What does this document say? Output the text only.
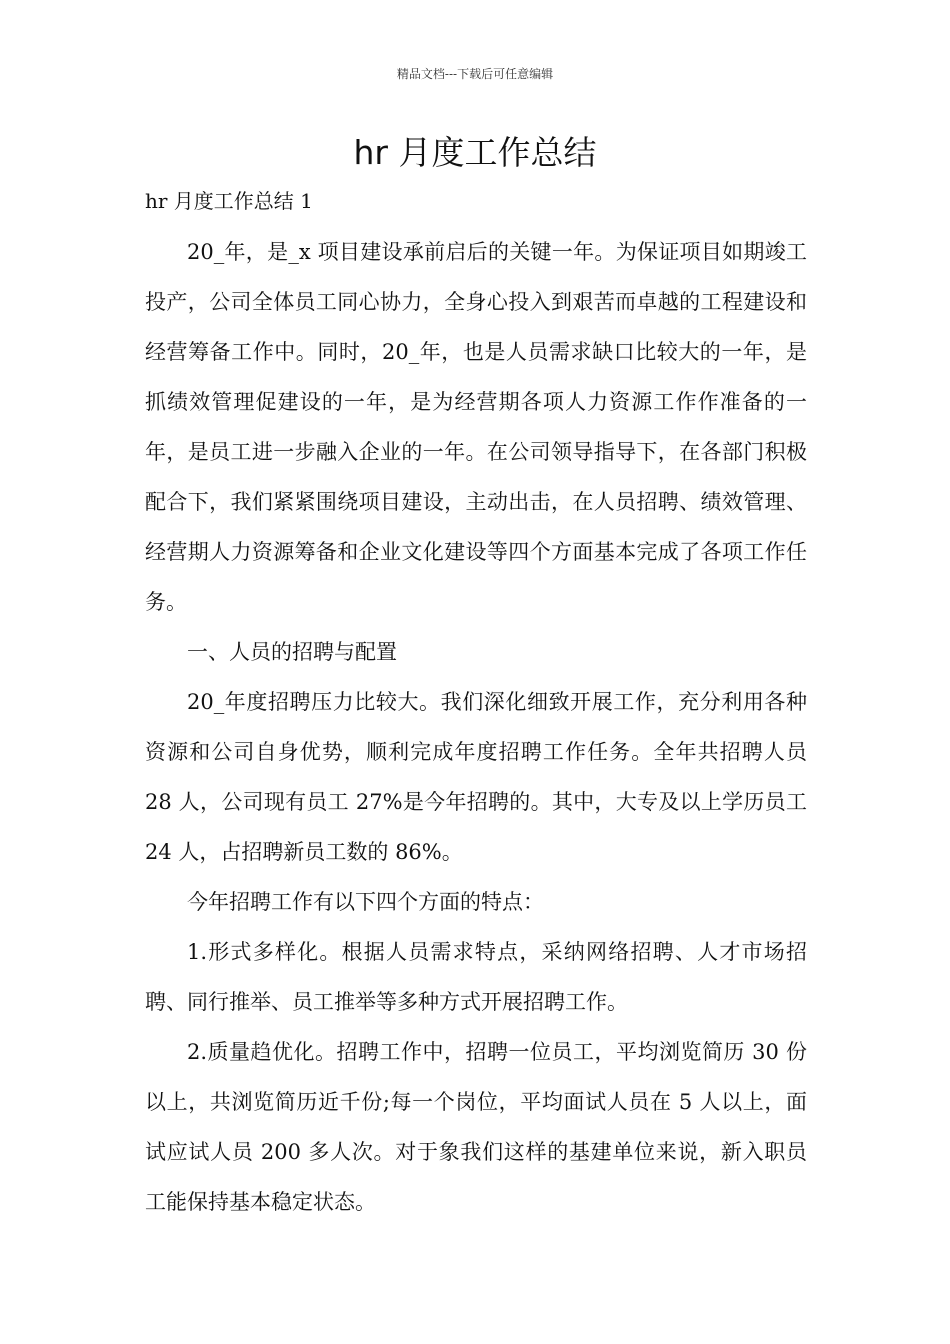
精品文档---下载后可任意编辑
hr 月度工作总结
hr 月度工作总结 1

20_年，是_x 项目建设承前启后的关键一年。为保证项目如期竣工投产，公司全体员工同心协力，全身心投入到艰苦而卓越的工程建设和经营筹备工作中。同时，20_年，也是人员需求缺口比较大的一年，是抓绩效管理促建设的一年，是为经营期各项人力资源工作作准备的一年，是员工进一步融入企业的一年。在公司领导指导下，在各部门积极配合下，我们紧紧围绕项目建设，主动出击，在人员招聘、绩效管理、经营期人力资源筹备和企业文化建设等四个方面基本完成了各项工作任务。

一、人员的招聘与配置

20_年度招聘压力比较大。我们深化细致开展工作，充分利用各种资源和公司自身优势，顺利完成年度招聘工作任务。全年共招聘人员 28 人，公司现有员工 27%是今年招聘的。其中，大专及以上学历员工 24 人，占招聘新员工数的 86%。

今年招聘工作有以下四个方面的特点：

1.形式多样化。根据人员需求特点，采纳网络招聘、人才市场招聘、同行推举、员工推举等多种方式开展招聘工作。

2.质量趋优化。招聘工作中，招聘一位员工，平均浏览简历 30 份以上，共浏览简历近千份;每一个岗位，平均面试人员在 5 人以上，面试应试人员 200 多人次。对于象我们这样的基建单位来说，新入职员工能保持基本稳定状态。
